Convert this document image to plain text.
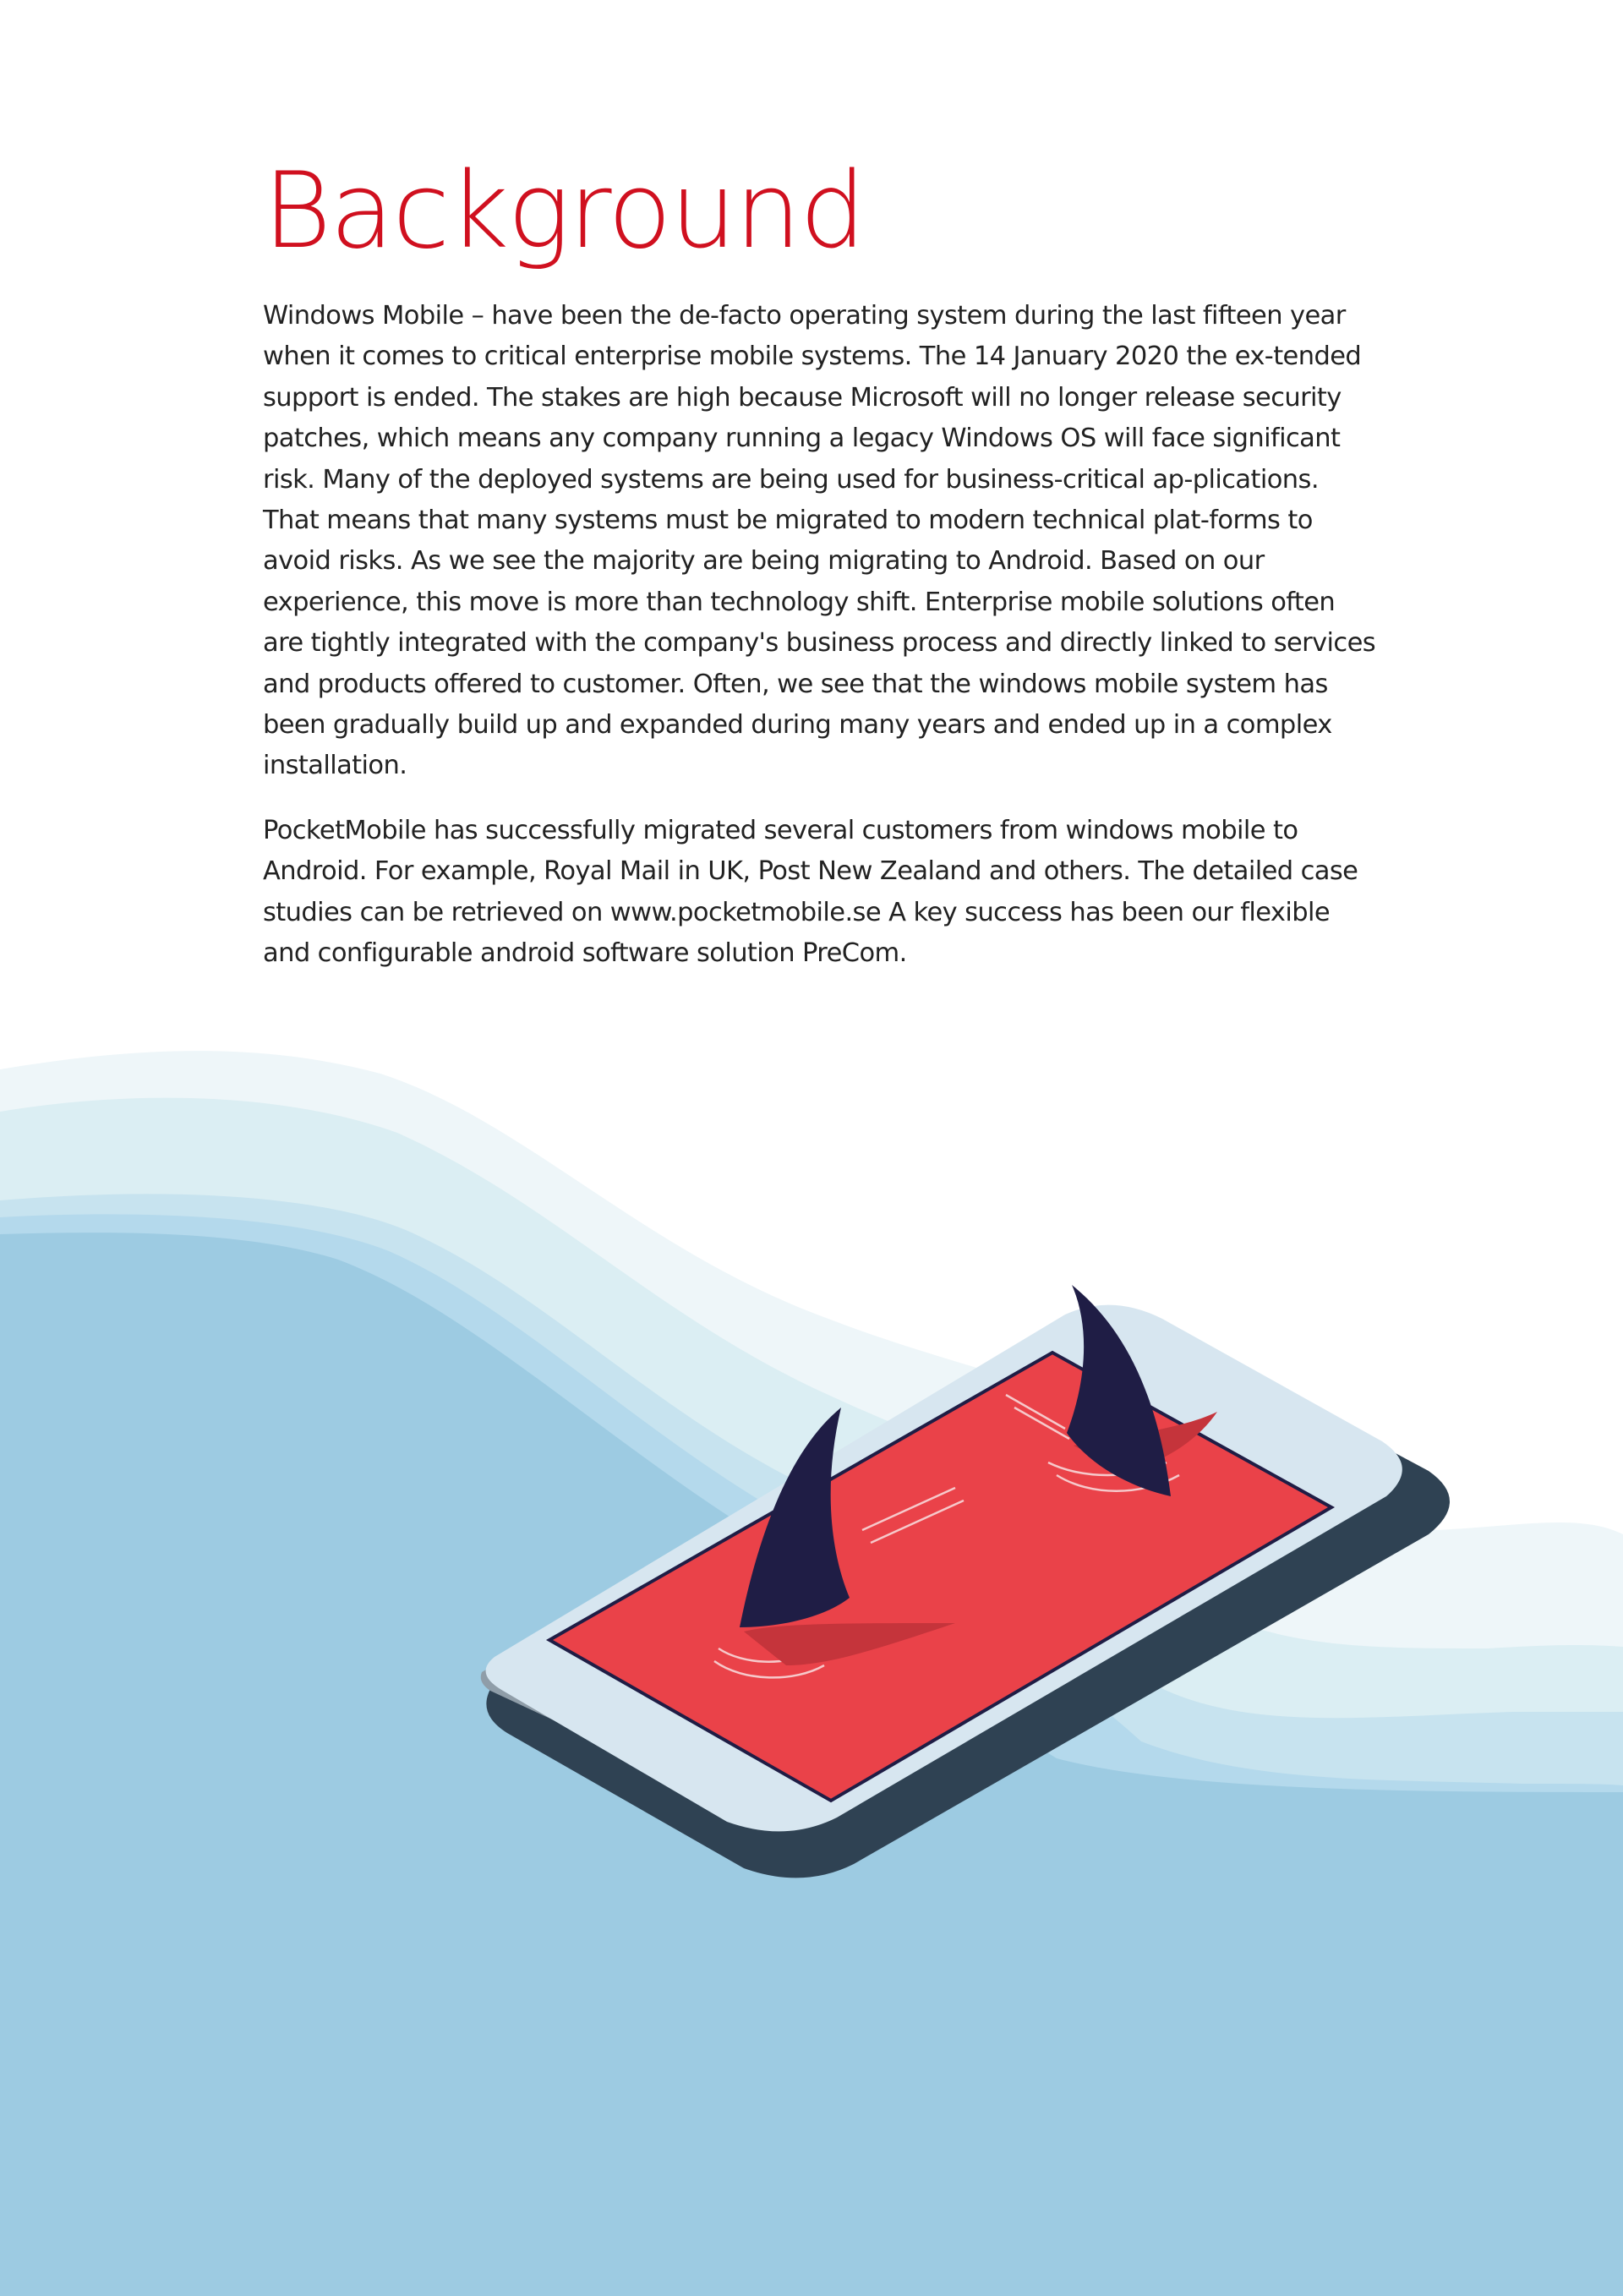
Background

Windows Mobile – have been the de-facto operating system during the last fifteen year when it comes to critical enterprise mobile systems. The 14 January 2020 the ex-tended support is ended. The stakes are high because Microsoft will no longer release security patches, which means any company running a legacy Windows OS will face significant risk. Many of the deployed systems are being used for business-critical ap-plications. That means that many systems must be migrated to modern technical plat-forms to avoid risks. As we see the majority are being migrating to Android. Based on our experience, this move is more than technology shift. Enterprise mobile solutions often are tightly integrated with the company's business process and directly linked to services and products offered to customer. Often, we see that the windows mobile system has been gradually build up and expanded during many years and ended up in a complex installation.

PocketMobile has successfully migrated several customers from windows mobile to Android. For example, Royal Mail in UK, Post New Zealand and others. The detailed case studies can be retrieved on www.pocketmobile.se A key success has been our flexible and configurable android software solution PreCom.
